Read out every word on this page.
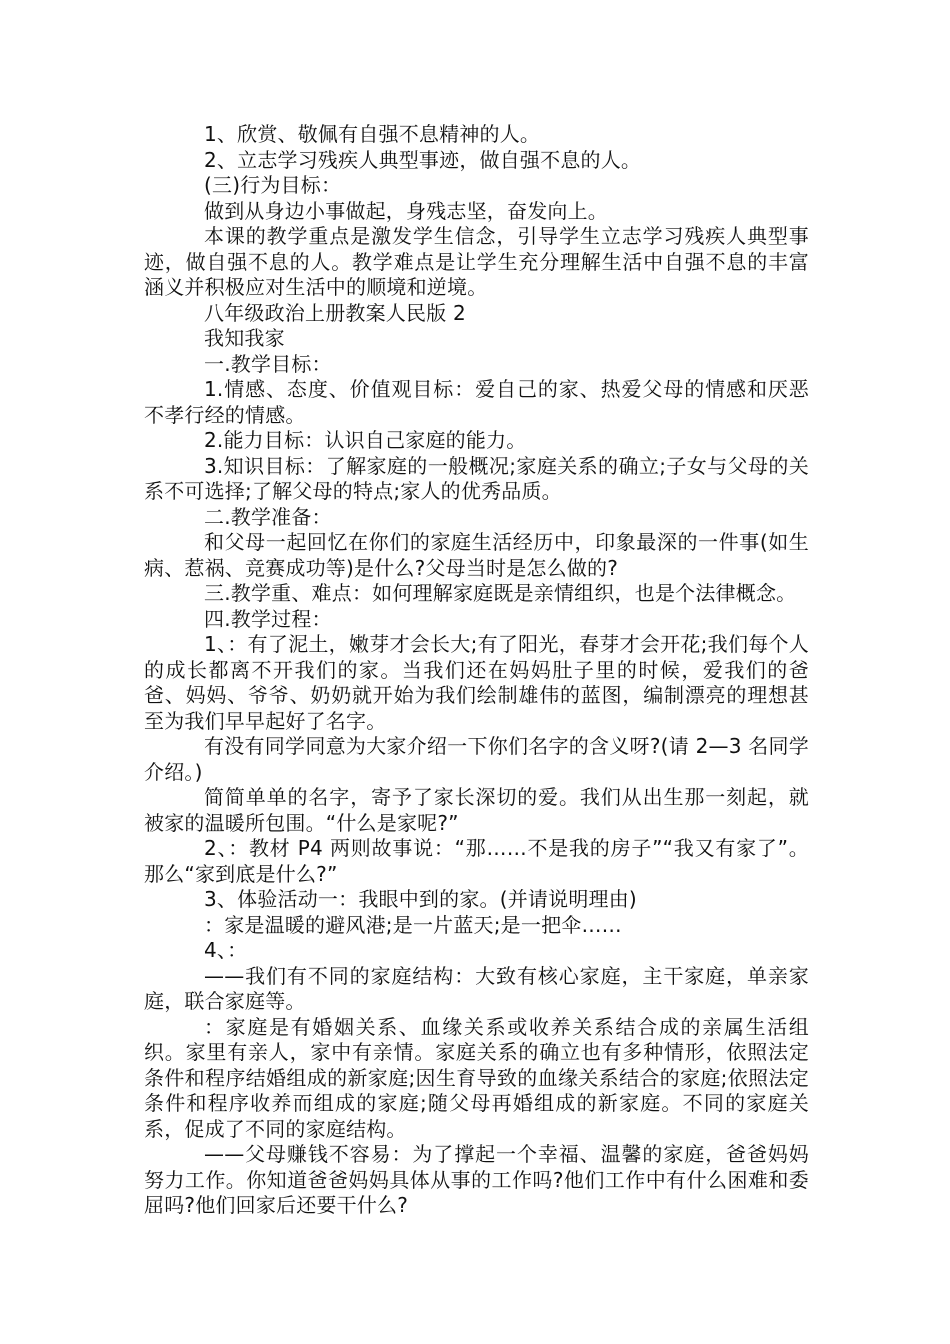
1、欣赏、敬佩有自强不息精神的人。

2、立志学习残疾人典型事迹，做自强不息的人。

(三)行为目标：

做到从身边小事做起，身残志坚，奋发向上。

本课的教学重点是激发学生信念，引导学生立志学习残疾人典型事迹，做自强不息的人。教学难点是让学生充分理解生活中自强不息的丰富涵义并积极应对生活中的顺境和逆境。

八年级政治上册教案人民版 2

我知我家

一.教学目标：

1.情感、态度、价值观目标：爱自己的家、热爱父母的情感和厌恶不孝行经的情感。

2.能力目标：认识自己家庭的能力。

3.知识目标：了解家庭的一般概况;家庭关系的确立;子女与父母的关系不可选择;了解父母的特点;家人的优秀品质。

二.教学准备：

和父母一起回忆在你们的家庭生活经历中，印象最深的一件事(如生病、惹祸、竞赛成功等)是什么?父母当时是怎么做的?

三.教学重、难点：如何理解家庭既是亲情组织，也是个法律概念。

四.教学过程：

1、：有了泥土，嫩芽才会长大;有了阳光，春芽才会开花;我们每个人的成长都离不开我们的家。当我们还在妈妈肚子里的时候，爱我们的爸爸、妈妈、爷爷、奶奶就开始为我们绘制雄伟的蓝图，编制漂亮的理想甚至为我们早早起好了名字。

有没有同学同意为大家介绍一下你们名字的含义呀?(请 2—3 名同学介绍。)

简简单单的名字，寄予了家长深切的爱。我们从出生那一刻起，就被家的温暖所包围。“什么是家呢?”

2、：教材 P4 两则故事说：“那……不是我的房子”“我又有家了”。那么“家到底是什么?”

3、体验活动一：我眼中到的家。(并请说明理由)

：家是温暖的避风港;是一片蓝天;是一把伞……

4、：

——我们有不同的家庭结构：大致有核心家庭，主干家庭，单亲家庭，联合家庭等。

：家庭是有婚姻关系、血缘关系或收养关系结合成的亲属生活组织。家里有亲人，家中有亲情。家庭关系的确立也有多种情形，依照法定条件和程序结婚组成的新家庭;因生育导致的血缘关系结合的家庭;依照法定条件和程序收养而组成的家庭;随父母再婚组成的新家庭。不同的家庭关系，促成了不同的家庭结构。

——父母赚钱不容易：为了撑起一个幸福、温馨的家庭，爸爸妈妈努力工作。你知道爸爸妈妈具体从事的工作吗?他们工作中有什么困难和委屈吗?他们回家后还要干什么?
